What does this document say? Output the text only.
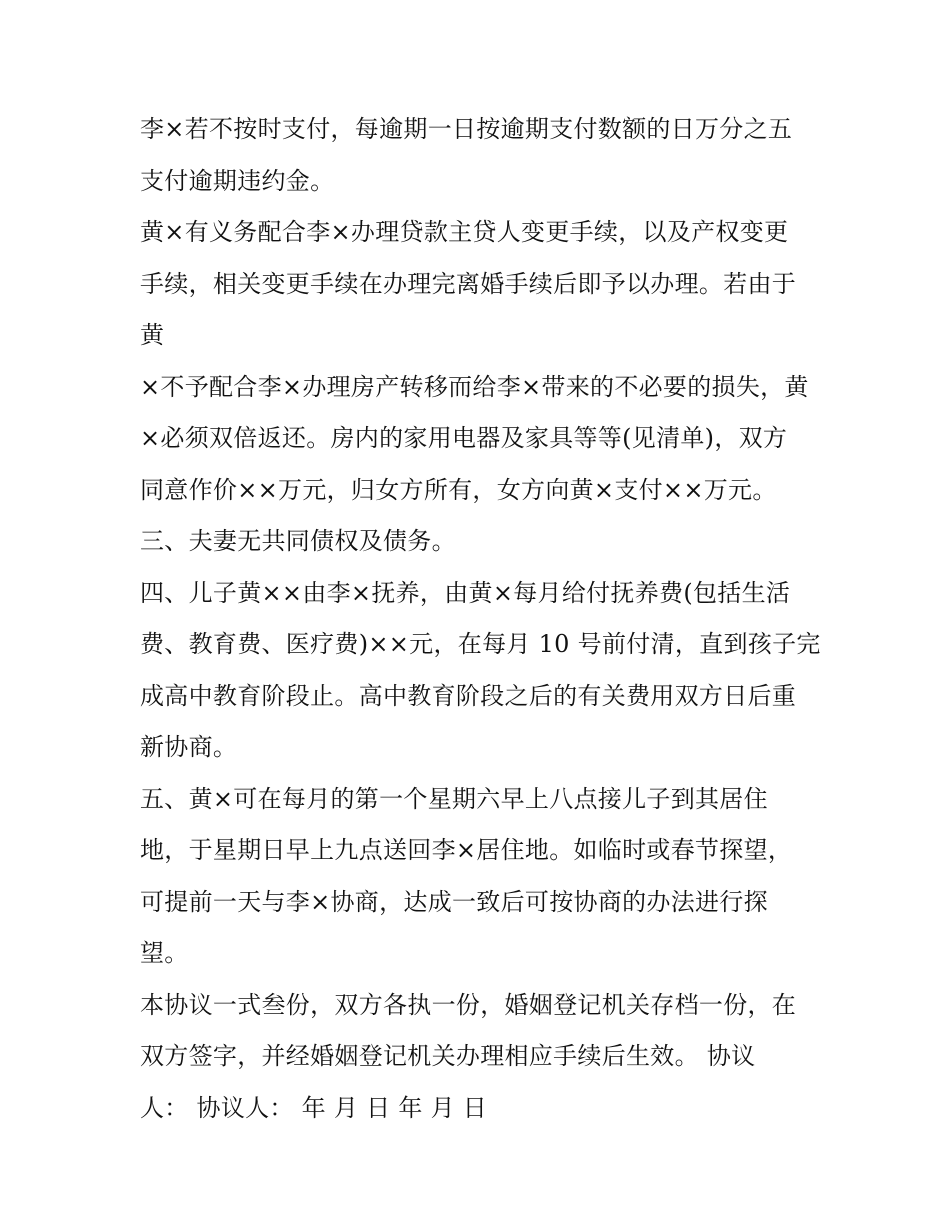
李×若不按时支付，每逾期一日按逾期支付数额的日万分之五
支付逾期违约金。
黄×有义务配合李×办理贷款主贷人变更手续，以及产权变更
手续，相关变更手续在办理完离婚手续后即予以办理。若由于
黄
×不予配合李×办理房产转移而给李×带来的不必要的损失，黄
×必须双倍返还。房内的家用电器及家具等等(见清单)，双方
同意作价××万元，归女方所有，女方向黄×支付××万元。
三、夫妻无共同债权及债务。
四、儿子黄××由李×抚养，由黄×每月给付抚养费(包括生活
费、教育费、医疗费)××元，在每月 10 号前付清，直到孩子完
成高中教育阶段止。高中教育阶段之后的有关费用双方日后重
新协商。
五、黄×可在每月的第一个星期六早上八点接儿子到其居住
地，于星期日早上九点送回李×居住地。如临时或春节探望，
可提前一天与李×协商，达成一致后可按协商的办法进行探
望。
本协议一式叁份，双方各执一份，婚姻登记机关存档一份，在
双方签字，并经婚姻登记机关办理相应手续后生效。 协议
人： 协议人： 年 月 日 年 月 日
